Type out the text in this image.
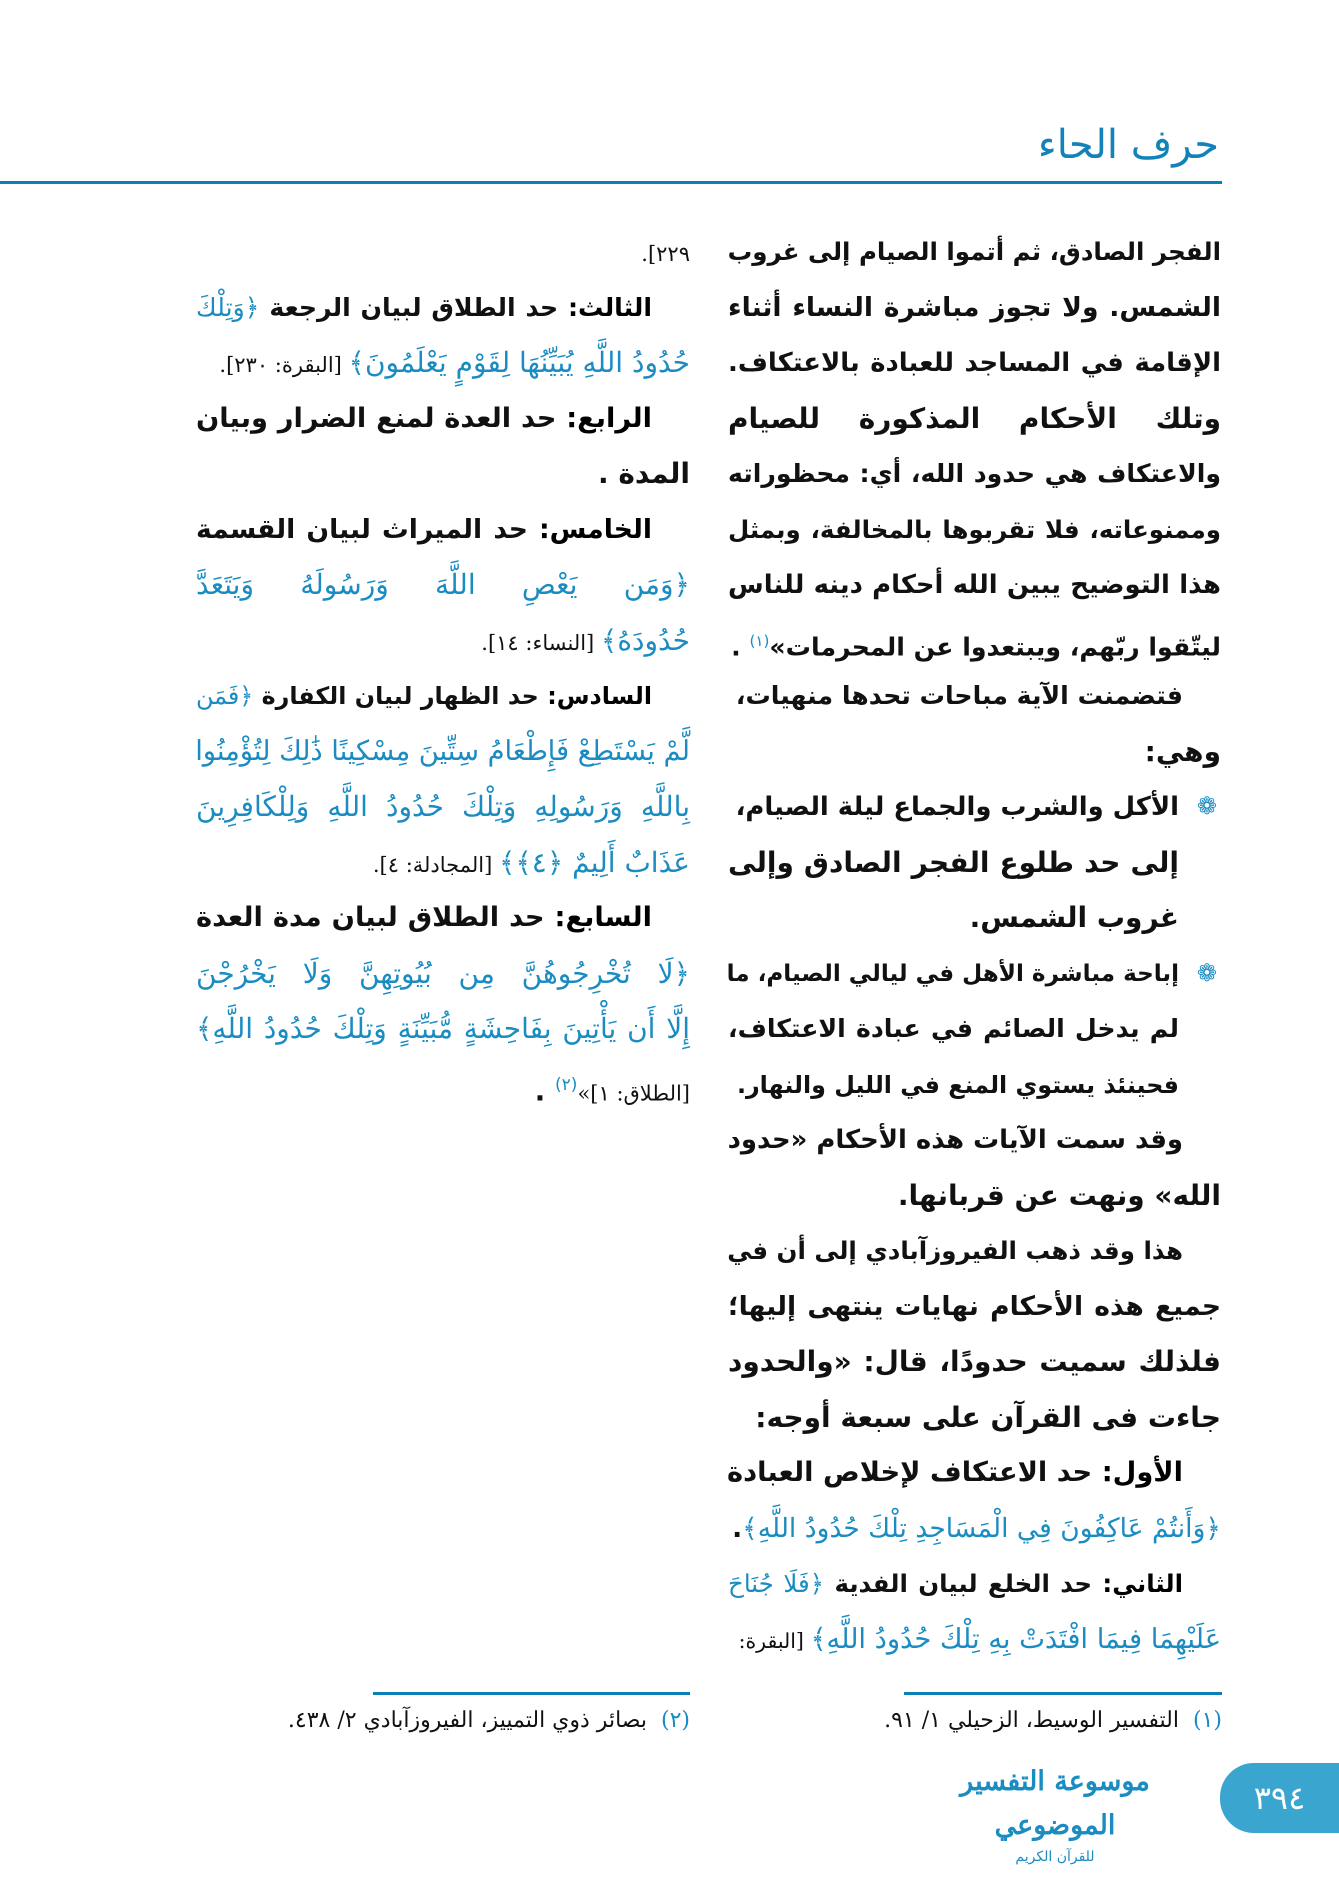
حرف الحاء
(١)التفسير الوسيط، الزحيلي ١/ ٩١.
(٢)بصائر ذوي التمييز، الفيروزآبادي ٢/ ٤٣٨.
موسوعة التفسير الموضوعي
للقرآن الكريم
٣٩٤
الفجر الصادق، ثم أتموا الصيام إلى غروب
الشمس. ولا تجوز مباشرة النساء أثناء
الإقامة في المساجد للعبادة بالاعتكاف.
وتلك الأحكام المذكورة للصيام
والاعتكاف هي حدود الله، أي: محظوراته
وممنوعاته، فلا تقربوها بالمخالفة، وبمثل
هذا التوضيح يبين الله أحكام دينه للناس
ليتّقوا ربّهم، ويبتعدوا عن المحرمات»$^{(١)}$ .
فتضمنت الآية مباحات تحدها منهيات،
وهي:
الأكل والشرب والجماع ليلة الصيام، ❁
إلى حد طلوع الفجر الصادق وإلى
غروب الشمس.
إباحة مباشرة الأهل في ليالي الصيام، ما ❁
لم يدخل الصائم في عبادة الاعتكاف،
فحينئذ يستوي المنع في الليل والنهار.
وقد سمت الآيات هذه الأحكام «حدود
الله» ونهت عن قربانها.
هذا وقد ذهب الفيروزآبادي إلى أن في
جميع هذه الأحكام نهايات ينتهى إليها؛
فلذلك سميت حدودًا، قال: «والحدود
جاءت فى القرآن على سبعة أوجه:
الأول: حد الاعتكاف لإخلاص العبادة
﴿وَأَنتُمْ عَاكِفُونَ فِي الْمَسَاجِدِ تِلْكَ حُدُودُ اللَّهِ﴾.
الثاني: حد الخلع لبيان الفدية ﴿فَلَا جُنَاحَ
عَلَيْهِمَا فِيمَا افْتَدَتْ بِهِ تِلْكَ حُدُودُ اللَّهِ﴾ [البقرة:
٢٢٩].
الثالث: حد الطلاق لبيان الرجعة ﴿وَتِلْكَ
حُدُودُ اللَّهِ يُبَيِّنُهَا لِقَوْمٍ يَعْلَمُونَ﴾ [البقرة: ٢٣٠].
الرابع: حد العدة لمنع الضرار وبيان
المدة .
الخامس: حد الميراث لبيان القسمة
﴿وَمَن يَعْصِ اللَّهَ وَرَسُولَهُ وَيَتَعَدَّ
حُدُودَهُ﴾ [النساء: ١٤].
السادس: حد الظهار لبيان الكفارة ﴿فَمَن
لَّمْ يَسْتَطِعْ فَإِطْعَامُ سِتِّينَ مِسْكِينًا ذَٰلِكَ لِتُؤْمِنُوا
بِاللَّهِ وَرَسُولِهِ وَتِلْكَ حُدُودُ اللَّهِ وَلِلْكَافِرِينَ
عَذَابٌ أَلِيمٌ ﴿٤﴾﴾ [المجادلة: ٤].
السابع: حد الطلاق لبيان مدة العدة
﴿لَا تُخْرِجُوهُنَّ مِن بُيُوتِهِنَّ وَلَا يَخْرُجْنَ
إِلَّا أَن يَأْتِينَ بِفَاحِشَةٍ مُّبَيِّنَةٍ وَتِلْكَ حُدُودُ اللَّهِ﴾
[الطلاق: ١]»$^{(٢)}$ .
